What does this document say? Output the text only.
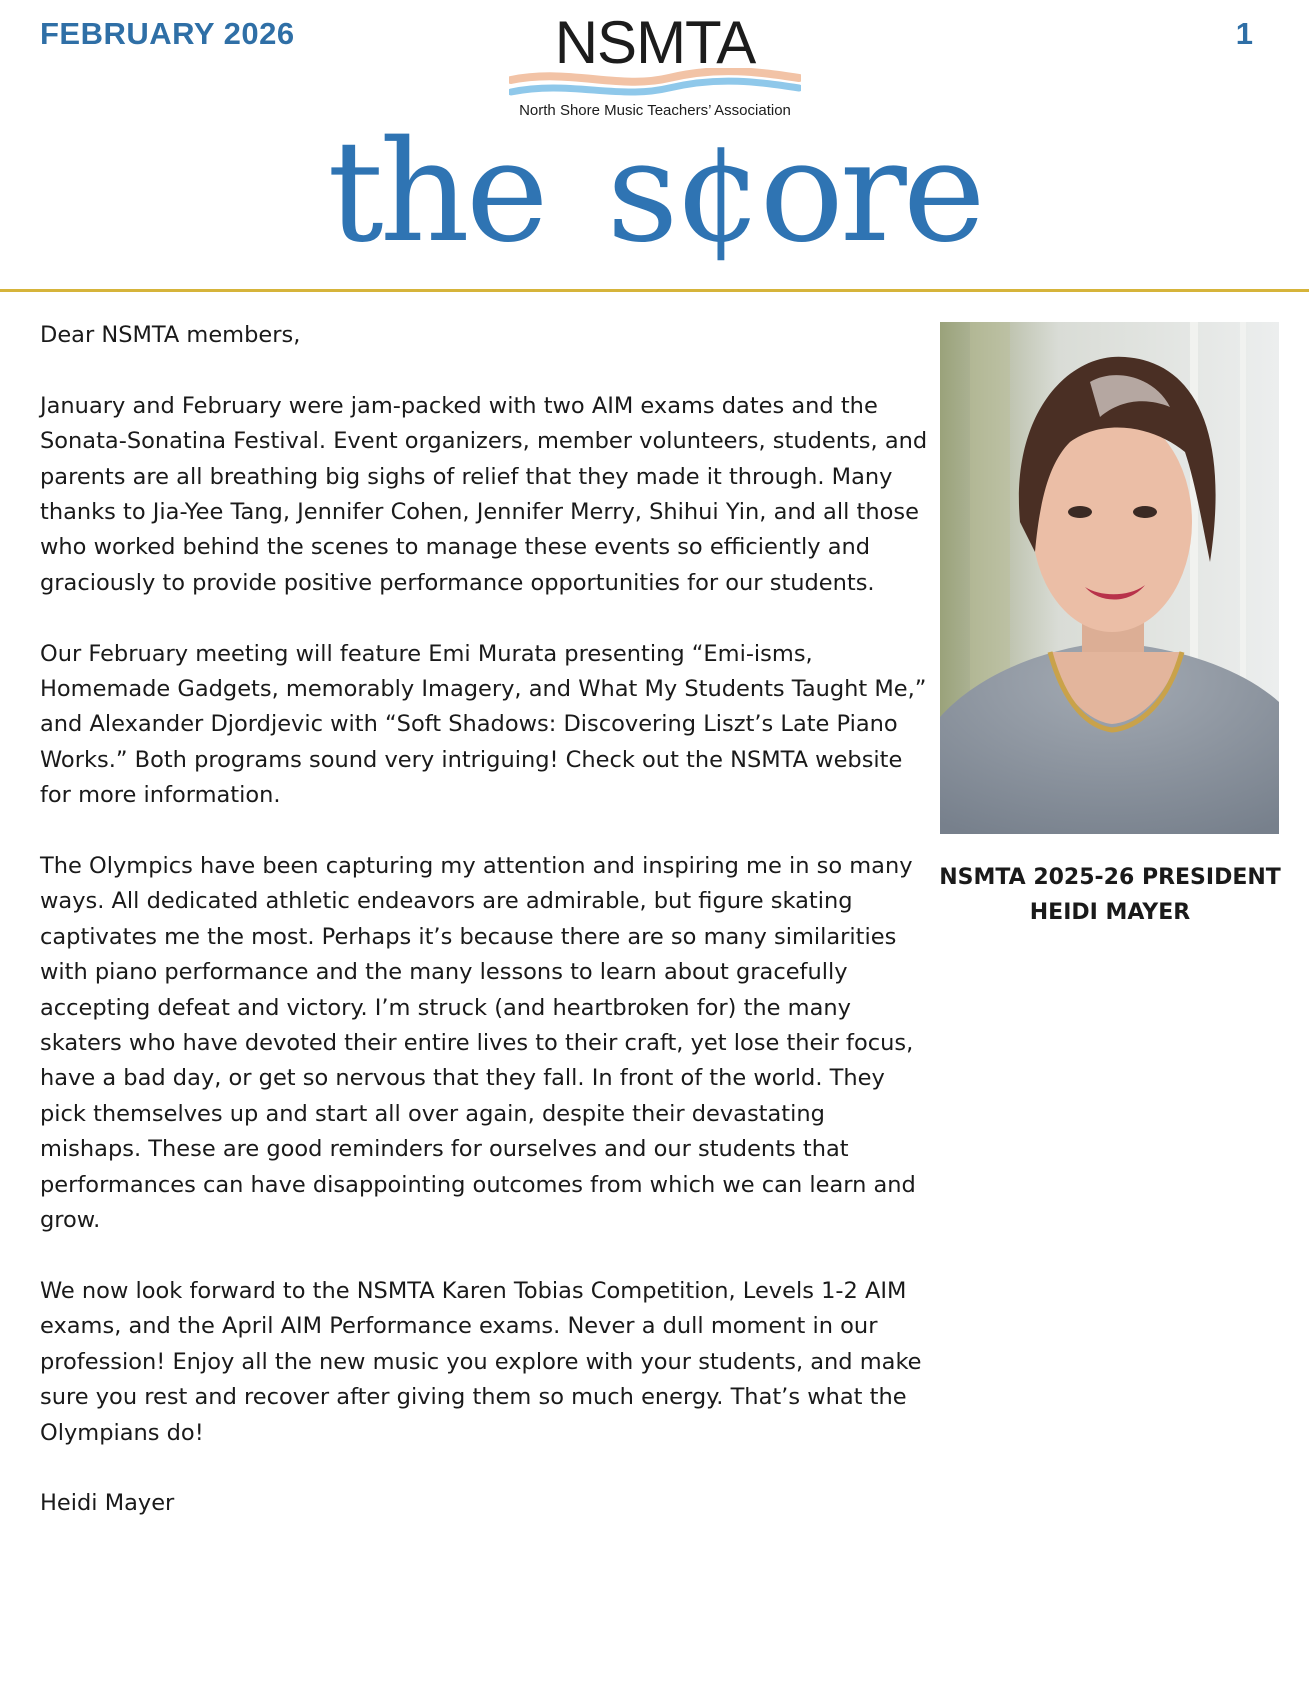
FEBRUARY 2026	1
NSMTA
North Shore Music Teachers’ Association
the s¢ore

Dear NSMTA members,

January and February were jam-packed with two AIM exams dates and the Sonata-Sonatina Festival. Event organizers, member volunteers, students, and parents are all breathing big sighs of relief that they made it through. Many thanks to Jia-Yee Tang, Jennifer Cohen, Jennifer Merry, Shihui Yin, and all those who worked behind the scenes to manage these events so efficiently and graciously to provide positive performance opportunities for our students.

Our February meeting will feature Emi Murata presenting “Emi-isms, Homemade Gadgets, memorably Imagery, and What My Students Taught Me,” and Alexander Djordjevic with “Soft Shadows: Discovering Liszt’s Late Piano Works.” Both programs sound very intriguing! Check out the NSMTA website for more information.

The Olympics have been capturing my attention and inspiring me in so many ways. All dedicated athletic endeavors are admirable, but figure skating captivates me the most. Perhaps it’s because there are so many similarities with piano performance and the many lessons to learn about gracefully accepting defeat and victory. I’m struck (and heartbroken for) the many skaters who have devoted their entire lives to their craft, yet lose their focus, have a bad day, or get so nervous that they fall. In front of the world. They pick themselves up and start all over again, despite their devastating mishaps. These are good reminders for ourselves and our students that performances can have disappointing outcomes from which we can learn and grow.

We now look forward to the NSMTA Karen Tobias Competition, Levels 1-2 AIM exams, and the April AIM Performance exams. Never a dull moment in our profession! Enjoy all the new music you explore with your students, and make sure you rest and recover after giving them so much energy. That’s what the Olympians do!

Heidi Mayer

NSMTA 2025-26 PRESIDENT
HEIDI MAYER
